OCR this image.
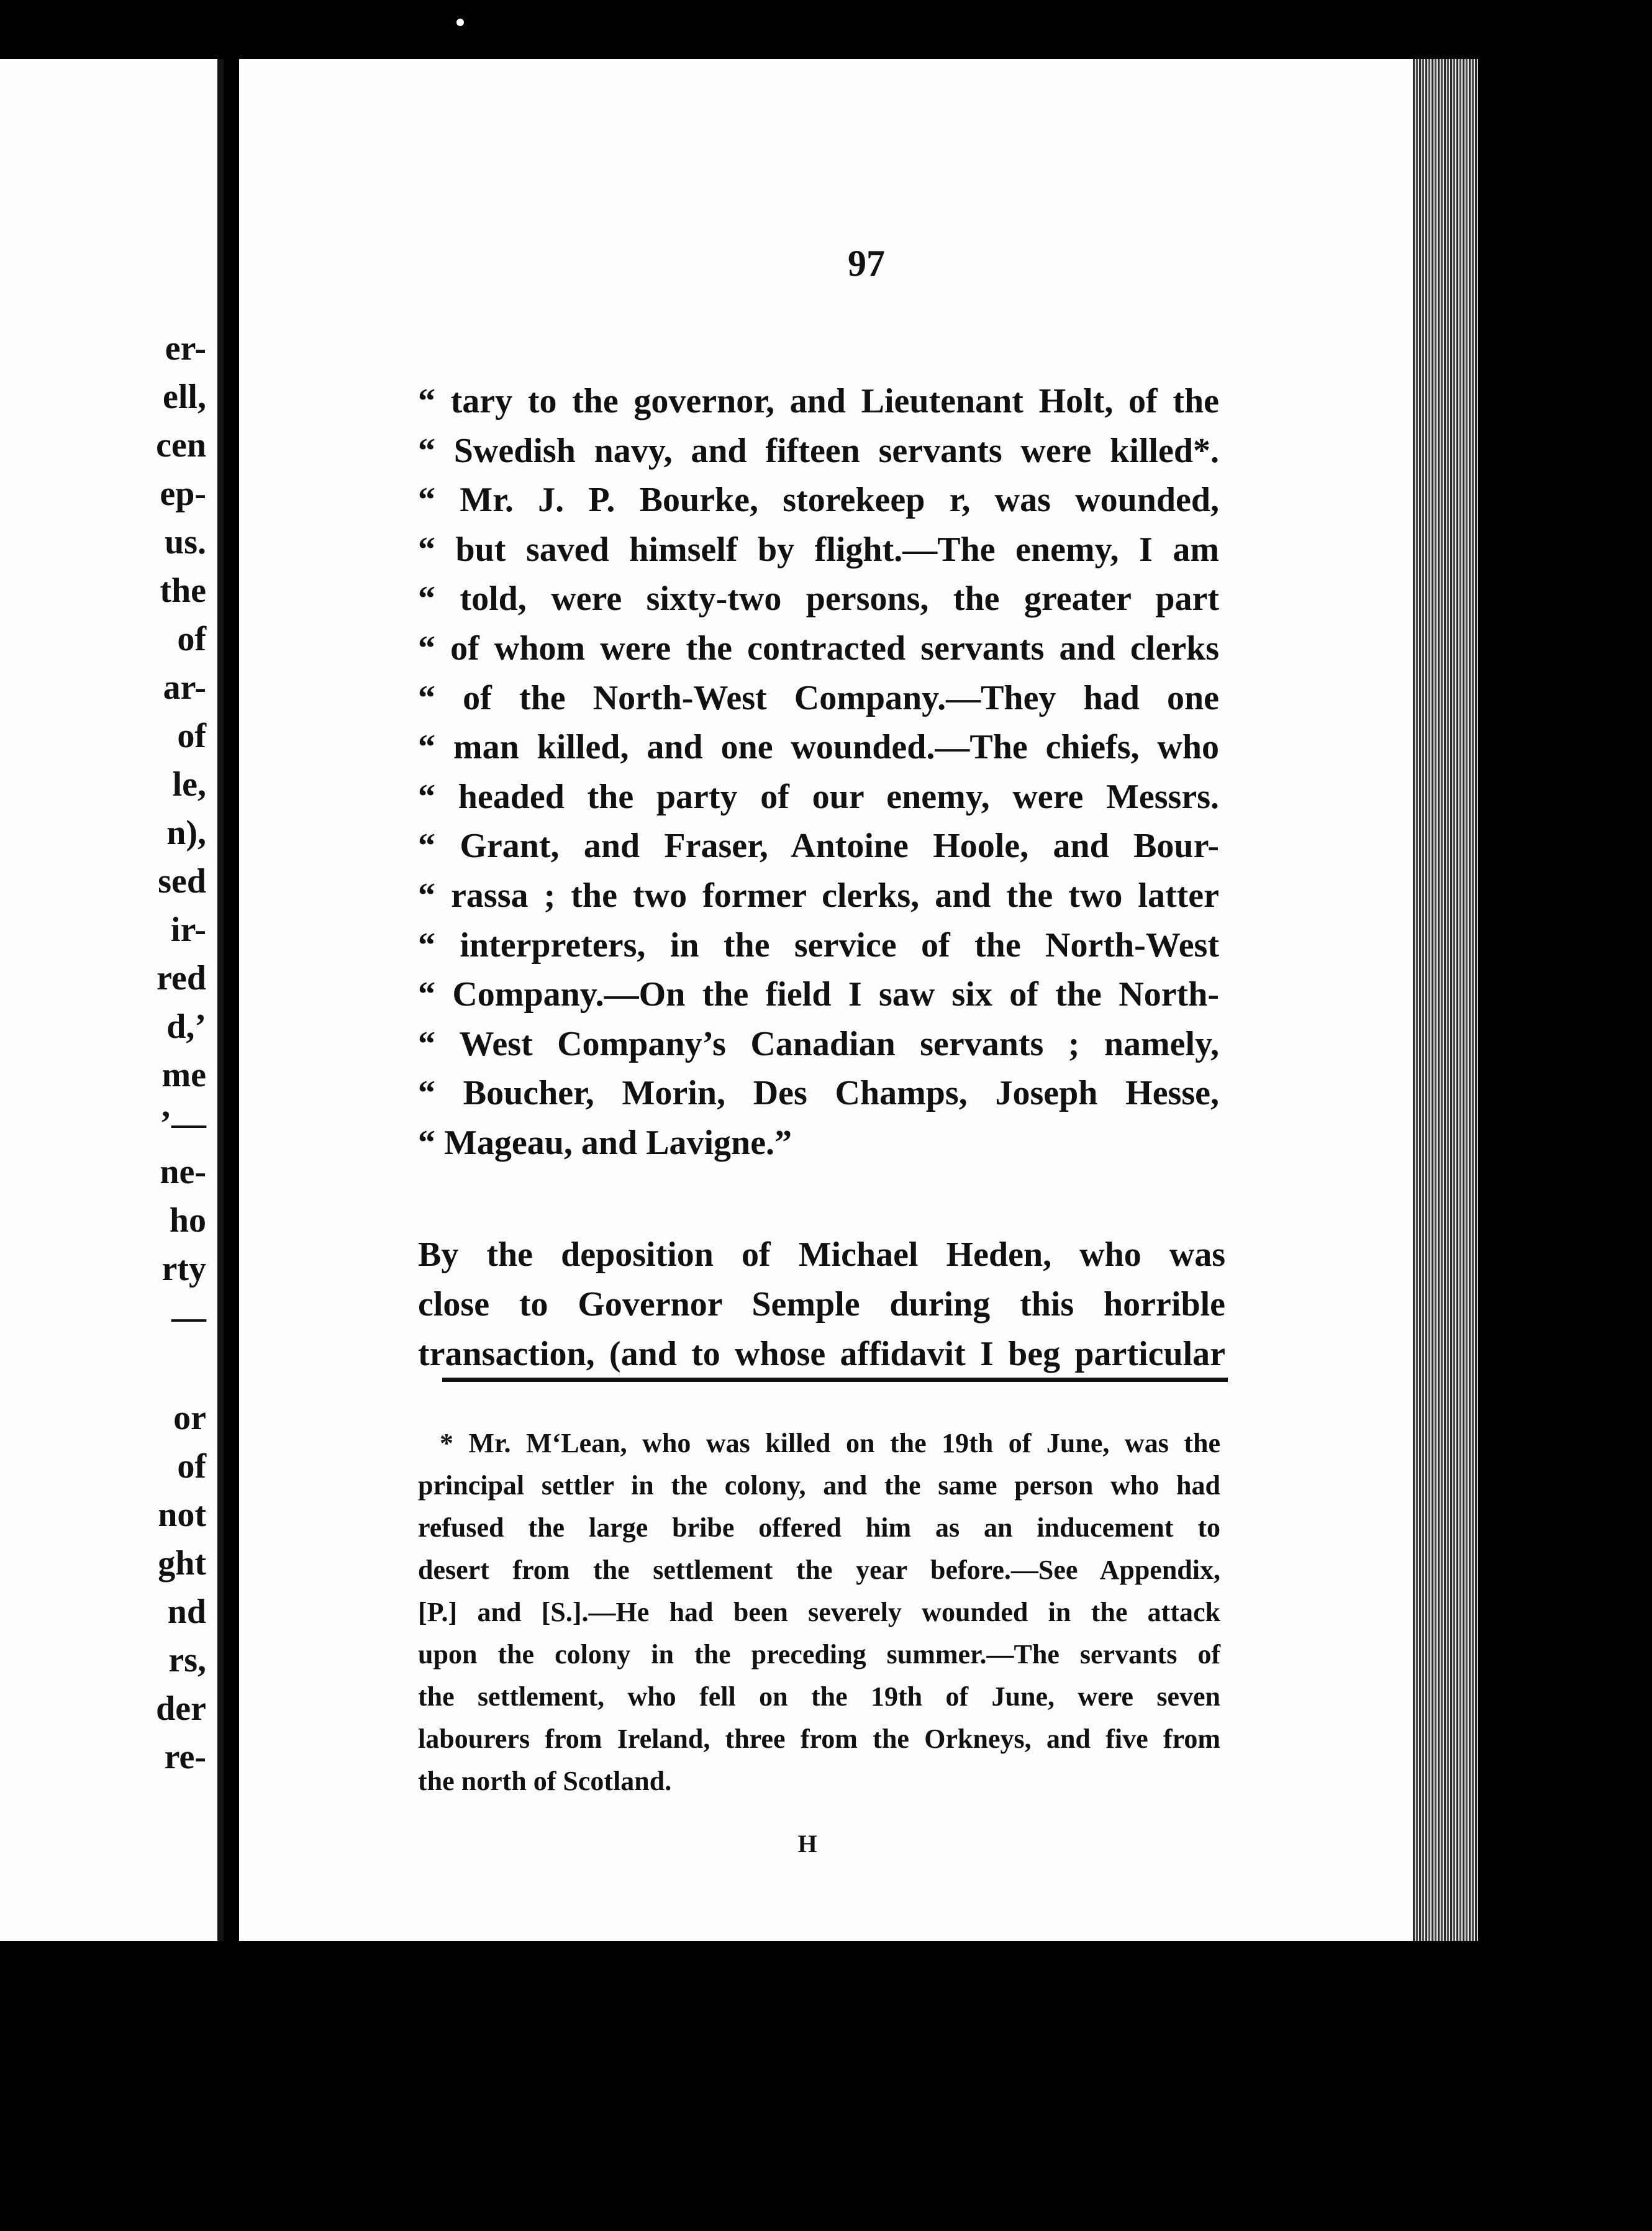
er-

ell,

cen

ep-

us.

the

of

ar-

of

le,

n),

sed

ir-

red

d,’

me

’—

ne-

ho

rty

—

or

of

not

ght

nd

rs,

der

re-

97

“ tary to the governor, and Lieutenant Holt, of the
“ Swedish navy, and fifteen servants were killed*.
“ Mr. J. P. Bourke, storekeep r, was wounded,
“ but saved himself by flight.—The enemy, I am
“ told, were sixty-two persons, the greater part
“ of whom were the contracted servants and clerks
“ of the North-West Company.—They had one
“ man killed, and one wounded.—The chiefs, who
“ headed the party of our enemy, were Messrs.
“ Grant, and Fraser, Antoine Hoole, and Bour-
“ rassa ; the two former clerks, and the two latter
“ interpreters, in the service of the North-West
“ Company.—On the field I saw six of the North-
“ West Company’s Canadian servants ; namely,
“ Boucher, Morin, Des Champs, Joseph Hesse,
“ Mageau, and Lavigne.”
By the deposition of Michael Heden, who was
close to Governor Semple during this horrible
transaction, (and to whose affidavit I beg particular
* Mr. M‘Lean, who was killed on the 19th of June, was the
principal settler in the colony, and the same person who had
refused the large bribe offered him as an inducement to
desert from the settlement the year before.—See Appendix,
[P.] and [S.].—He had been severely wounded in the attack
upon the colony in the preceding summer.—The servants of
the settlement, who fell on the 19th of June, were seven
labourers from Ireland, three from the Orkneys, and five from
the north of Scotland.

H
